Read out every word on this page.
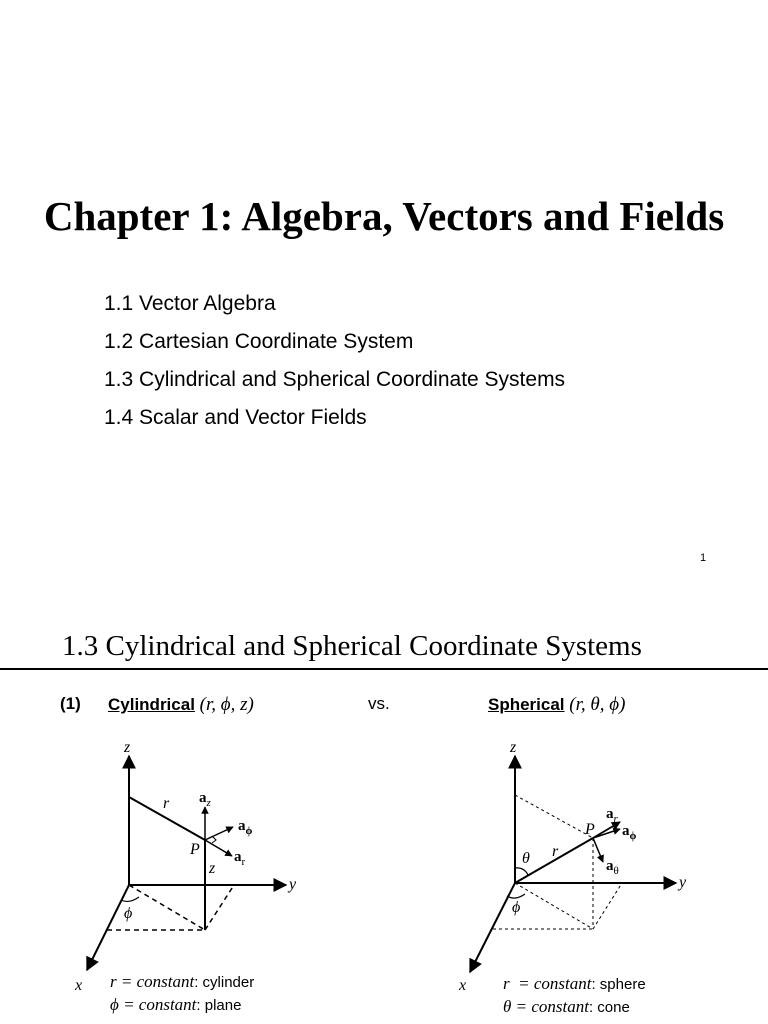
Chapter 1: Algebra, Vectors and Fields
1.1 Vector Algebra
1.2 Cartesian Coordinate System
1.3 Cylindrical and Spherical Coordinate Systems
1.4 Scalar and Vector Fields
1
1.3 Cylindrical and Spherical Coordinate Systems
(1) Cylindrical (r, ϕ, z)	vs.	Spherical (r, θ, ϕ)
z
y
x
r
z
P
ϕ
$a_z$
$a_\phi$
$a_r$
z
y
x
r
θ
P
ϕ
$a_r$
$a_\phi$
$a_\theta$
r = constant: cylinder
ϕ = constant: plane
r  = constant: sphere
θ = constant: cone
